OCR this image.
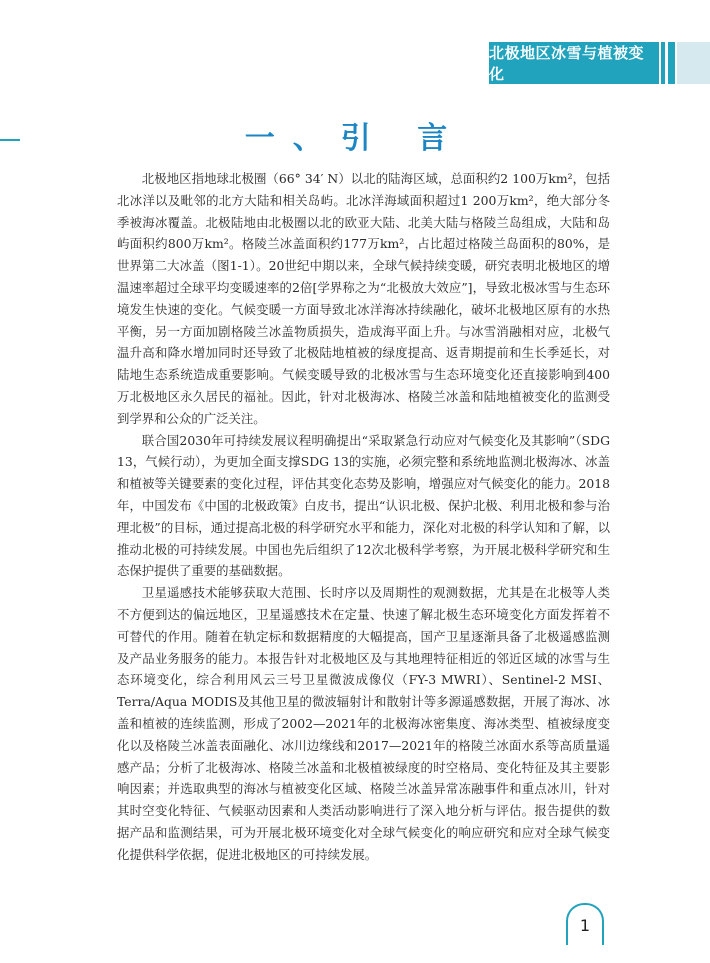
北极地区冰雪与植被变化
一、引 言

北极地区指地球北极圈（66° 34′ N）以北的陆海区域，总面积约2 100万km²，包括北冰洋以及毗邻的北方大陆和相关岛屿。北冰洋海域面积超过1 200万km²，绝大部分冬季被海冰覆盖。北极陆地由北极圈以北的欧亚大陆、北美大陆与格陵兰岛组成，大陆和岛屿面积约800万km²。格陵兰冰盖面积约177万km²，占比超过格陵兰岛面积的80%，是世界第二大冰盖（图1-1）。20世纪中期以来，全球气候持续变暖，研究表明北极地区的增温速率超过全球平均变暖速率的2倍[学界称之为“北极放大效应”]，导致北极冰雪与生态环境发生快速的变化。气候变暖一方面导致北冰洋海冰持续融化，破坏北极地区原有的水热平衡，另一方面加剧格陵兰冰盖物质损失，造成海平面上升。与冰雪消融相对应，北极气温升高和降水增加同时还导致了北极陆地植被的绿度提高、返青期提前和生长季延长，对陆地生态系统造成重要影响。气候变暖导致的北极冰雪与生态环境变化还直接影响到400万北极地区永久居民的福祉。因此，针对北极海冰、格陵兰冰盖和陆地植被变化的监测受到学界和公众的广泛关注。

联合国2030年可持续发展议程明确提出“采取紧急行动应对气候变化及其影响”（SDG 13，气候行动），为更加全面支撑SDG 13的实施，必须完整和系统地监测北极海冰、冰盖和植被等关键要素的变化过程，评估其变化态势及影响，增强应对气候变化的能力。2018年，中国发布《中国的北极政策》白皮书，提出“认识北极、保护北极、利用北极和参与治理北极”的目标，通过提高北极的科学研究水平和能力，深化对北极的科学认知和了解，以推动北极的可持续发展。中国也先后组织了12次北极科学考察，为开展北极科学研究和生态保护提供了重要的基础数据。

卫星遥感技术能够获取大范围、长时序以及周期性的观测数据，尤其是在北极等人类不方便到达的偏远地区，卫星遥感技术在定量、快速了解北极生态环境变化方面发挥着不可替代的作用。随着在轨定标和数据精度的大幅提高，国产卫星逐渐具备了北极遥感监测及产品业务服务的能力。本报告针对北极地区及与其地理特征相近的邻近区域的冰雪与生态环境变化，综合利用风云三号卫星微波成像仪（FY-3 MWRI）、Sentinel-2 MSI、Terra/Aqua MODIS及其他卫星的微波辐射计和散射计等多源遥感数据，开展了海冰、冰盖和植被的连续监测，形成了2002—2021年的北极海冰密集度、海冰类型、植被绿度变化以及格陵兰冰盖表面融化、冰川边缘线和2017—2021年的格陵兰冰面水系等高质量遥感产品；分析了北极海冰、格陵兰冰盖和北极植被绿度的时空格局、变化特征及其主要影响因素；并选取典型的海冰与植被变化区域、格陵兰冰盖异常冻融事件和重点冰川，针对其时空变化特征、气候驱动因素和人类活动影响进行了深入地分析与评估。报告提供的数据产品和监测结果，可为开展北极环境变化对全球气候变化的响应研究和应对全球气候变化提供科学依据，促进北极地区的可持续发展。

1
